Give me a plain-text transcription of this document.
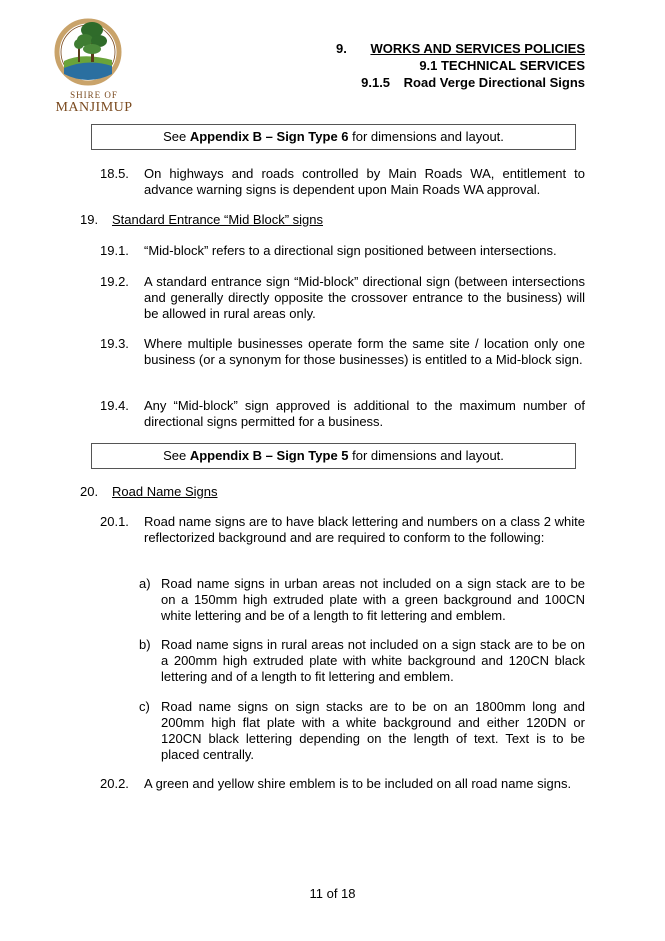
SHIRE OF
MANJIMUP
9. WORKS AND SERVICES POLICIES
9.1 TECHNICAL SERVICES
9.1.5 Road Verge Directional Signs
See Appendix B – Sign Type 6 for dimensions and layout.
18.5. On highways and roads controlled by Main Roads WA, entitlement to advance warning signs is dependent upon Main Roads WA approval.
19. Standard Entrance “Mid Block” signs
19.1. “Mid-block” refers to a directional sign positioned between intersections.
19.2. A standard entrance sign “Mid-block” directional sign (between intersections and generally directly opposite the crossover entrance to the business) will be allowed in rural areas only.
19.3. Where multiple businesses operate form the same site / location only one business (or a synonym for those businesses) is entitled to a Mid-block sign.
19.4. Any “Mid-block” sign approved is additional to the maximum number of directional signs permitted for a business.
See Appendix B – Sign Type 5 for dimensions and layout.
20. Road Name Signs
20.1. Road name signs are to have black lettering and numbers on a class 2 white reflectorized background and are required to conform to the following:
a) Road name signs in urban areas not included on a sign stack are to be on a 150mm high extruded plate with a green background and 100CN white lettering and be of a length to fit lettering and emblem.
b) Road name signs in rural areas not included on a sign stack are to be on a 200mm high extruded plate with white background and 120CN black lettering and of a length to fit lettering and emblem.
c) Road name signs on sign stacks are to be on an 1800mm long and 200mm high flat plate with a white background and either 120DN or 120CN black lettering depending on the length of text. Text is to be placed centrally.
20.2. A green and yellow shire emblem is to be included on all road name signs.
11 of 18
